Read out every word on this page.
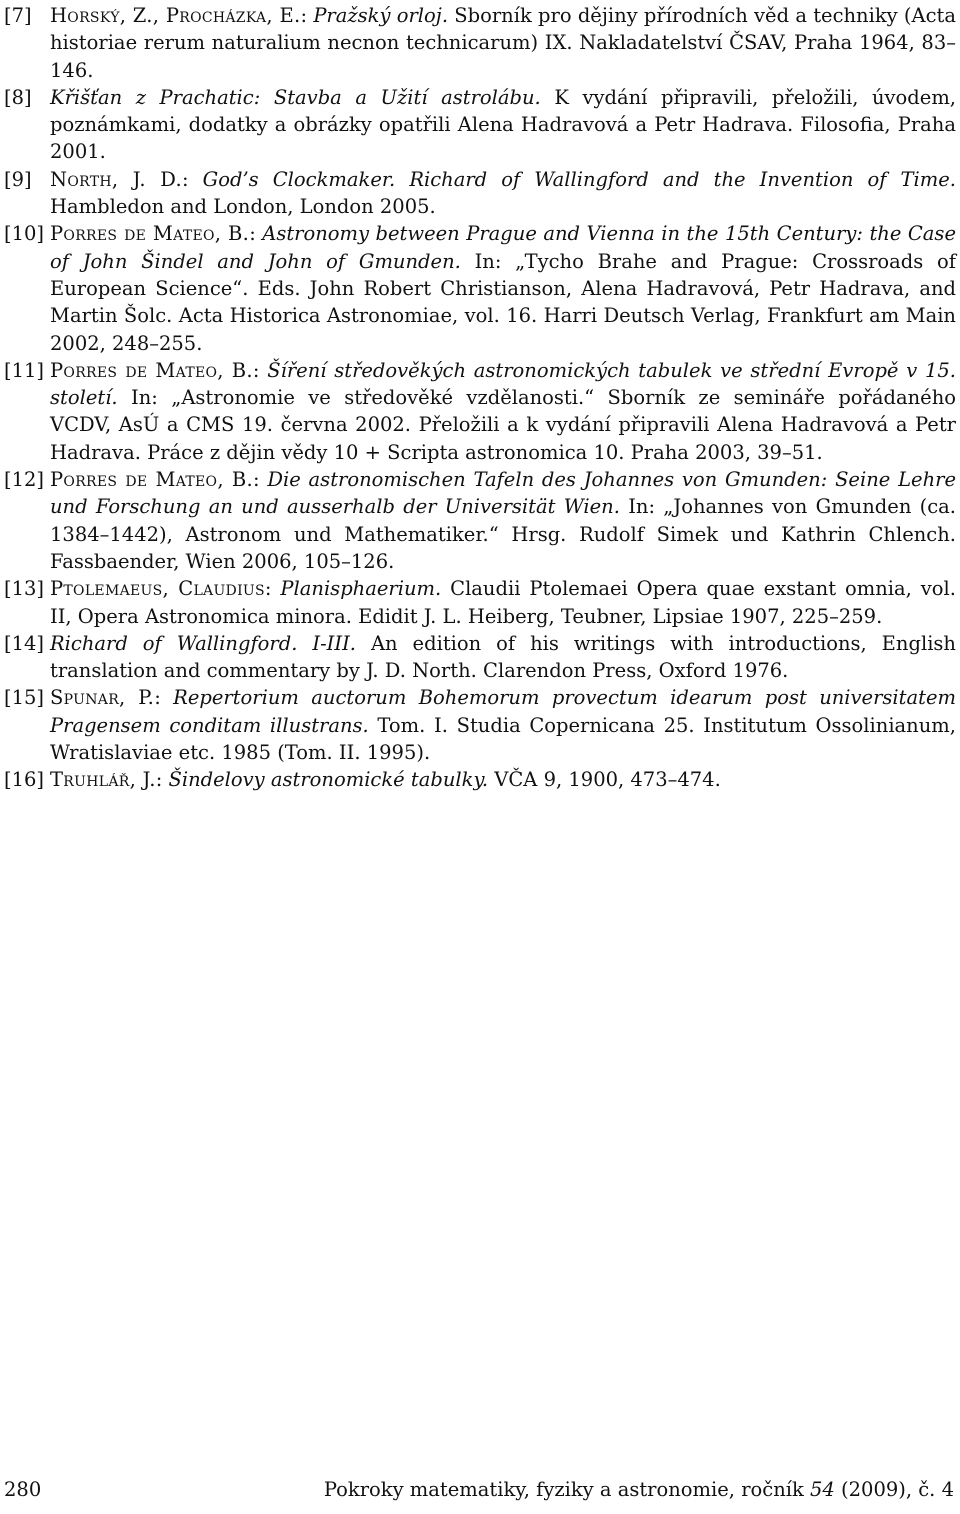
[7] Horský, Z., Procházka, E.: Pražský orloj. Sborník pro dějiny přírodních věd a techniky (Acta historiae rerum naturalium necnon technicarum) IX. Nakladatelství ČSAV, Praha 1964, 83–146.
[8] Křišťan z Prachatic: Stavba a Užití astrolábu. K vydání připravili, přeložili, úvodem, poznámkami, dodatky a obrázky opatřili Alena Hadravová a Petr Hadrava. Filosofia, Praha 2001.
[9] North, J. D.: God’s Clockmaker. Richard of Wallingford and the Invention of Time. Hambledon and London, London 2005.
[10] Porres de Mateo, B.: Astronomy between Prague and Vienna in the 15th Century: the Case of John Šindel and John of Gmunden. In: „Tycho Brahe and Prague: Crossroads of European Science“. Eds. John Robert Christianson, Alena Hadravová, Petr Hadrava, and Martin Šolc. Acta Historica Astronomiae, vol. 16. Harri Deutsch Verlag, Frankfurt am Main 2002, 248–255.
[11] Porres de Mateo, B.: Šíření středověkých astronomických tabulek ve střední Evropě v 15. století. In: „Astronomie ve středověké vzdělanosti.“ Sborník ze semináře pořádaného VCDV, AsÚ a CMS 19. června 2002. Přeložili a k vydání připravili Alena Hadravová a Petr Hadrava. Práce z dějin vědy 10 + Scripta astronomica 10. Praha 2003, 39–51.
[12] Porres de Mateo, B.: Die astronomischen Tafeln des Johannes von Gmunden: Seine Lehre und Forschung an und ausserhalb der Universität Wien. In: „Johannes von Gmunden (ca. 1384–1442), Astronom und Mathematiker.“ Hrsg. Rudolf Simek und Kathrin Chlench. Fassbaender, Wien 2006, 105–126.
[13] Ptolemaeus, Claudius: Planisphaerium. Claudii Ptolemaei Opera quae exstant omnia, vol. II, Opera Astronomica minora. Edidit J. L. Heiberg, Teubner, Lipsiae 1907, 225–259.
[14] Richard of Wallingford. I-III. An edition of his writings with introductions, English translation and commentary by J. D. North. Clarendon Press, Oxford 1976.
[15] Spunar, P.: Repertorium auctorum Bohemorum provectum idearum post universitatem Pragensem conditam illustrans. Tom. I. Studia Copernicana 25. Institutum Ossolinianum, Wratislaviae etc. 1985 (Tom. II. 1995).
[16] Truhlář, J.: Šindelovy astronomické tabulky. VČA 9, 1900, 473–474.
280	Pokroky matematiky, fyziky a astronomie, ročník 54 (2009), č. 4
